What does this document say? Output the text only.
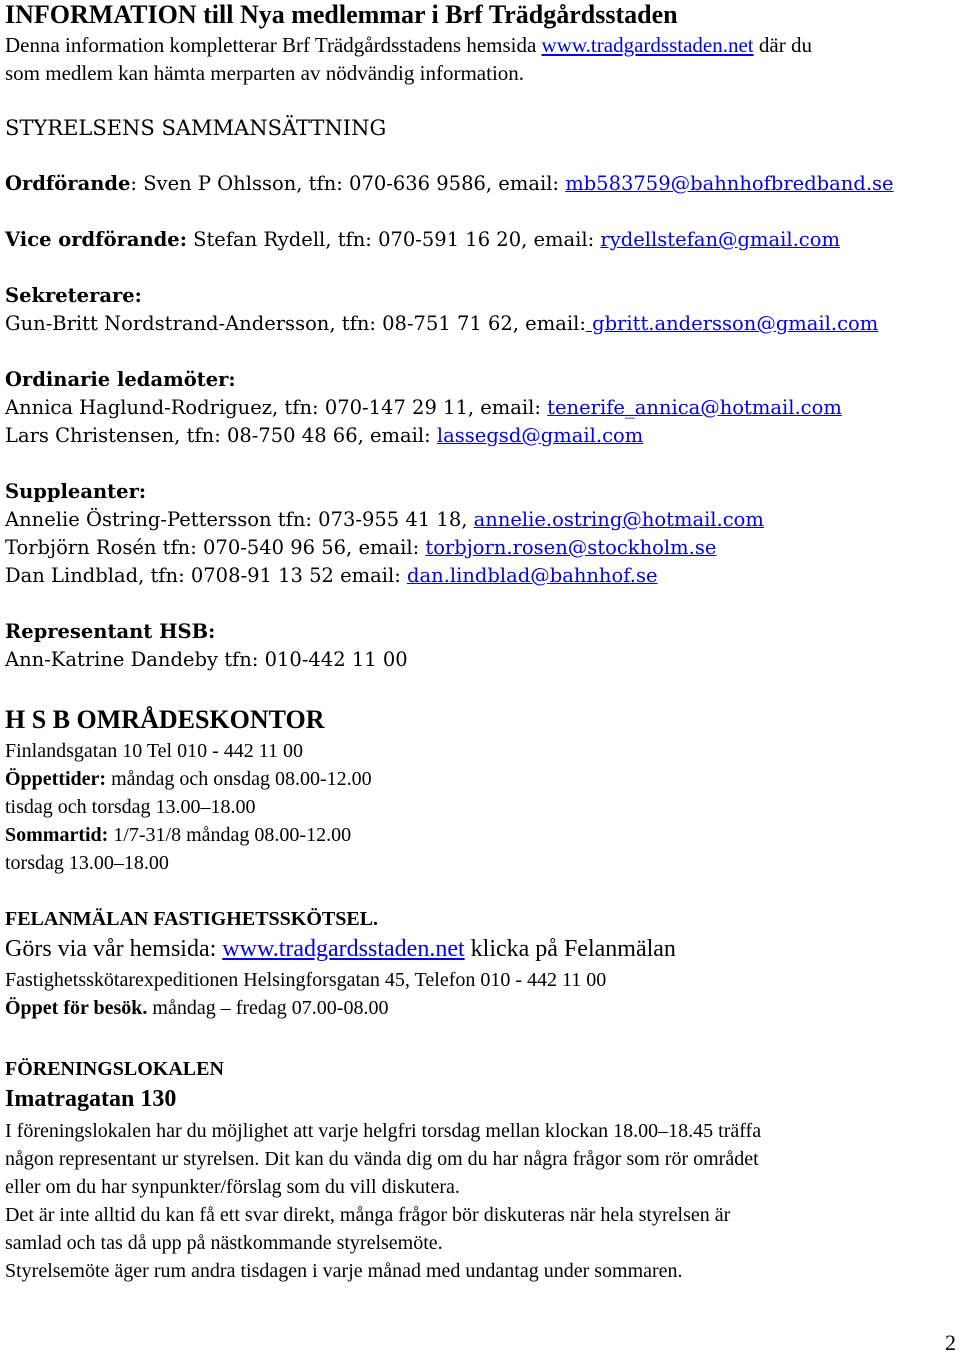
INFORMATION till Nya medlemmar i Brf Trädgårdsstaden
Denna information kompletterar Brf Trädgårdsstadens hemsida www.tradgardsstaden.net där du
som medlem kan hämta merparten av nödvändig information.
STYRELSENS SAMMANSÄTTNING
Ordförande: Sven P Ohlsson, tfn: 070-636 9586, email: mb583759@bahnhofbredband.se
Vice ordförande: Stefan Rydell, tfn: 070-591 16 20, email: rydellstefan@gmail.com
Sekreterare:
Gun-Britt Nordstrand-Andersson, tfn: 08-751 71 62, email: gbritt.andersson@gmail.com
Ordinarie ledamöter:
Annica Haglund-Rodriguez, tfn: 070-147 29 11, email: tenerife_annica@hotmail.com
Lars Christensen, tfn: 08-750 48 66, email: lassegsd@gmail.com
Suppleanter:
Annelie Östring-Pettersson tfn: 073-955 41 18, annelie.ostring@hotmail.com
Torbjörn Rosén tfn: 070-540 96 56, email: torbjorn.rosen@stockholm.se
Dan Lindblad, tfn: 0708-91 13 52 email: dan.lindblad@bahnhof.se
Representant HSB:
Ann-Katrine Dandeby tfn: 010-442 11 00
H S B OMRÅDESKONTOR
Finlandsgatan 10 Tel 010 - 442 11 00
Öppettider: måndag och onsdag 08.00-12.00
tisdag och torsdag 13.00–18.00
Sommartid: 1/7-31/8 måndag 08.00-12.00
torsdag 13.00–18.00
FELANMÄLAN FASTIGHETSSKÖTSEL.
Görs via vår hemsida: www.tradgardsstaden.net klicka på Felanmälan
Fastighetsskötarexpeditionen Helsingforsgatan 45, Telefon 010 - 442 11 00
Öppet för besök. måndag – fredag 07.00-08.00
FÖRENINGSLOKALEN
Imatragatan 130
I föreningslokalen har du möjlighet att varje helgfri torsdag mellan klockan 18.00–18.45 träffa
någon representant ur styrelsen. Dit kan du vända dig om du har några frågor som rör området
eller om du har synpunkter/förslag som du vill diskutera.
Det är inte alltid du kan få ett svar direkt, många frågor bör diskuteras när hela styrelsen är
samlad och tas då upp på nästkommande styrelsemöte.
Styrelsemöte äger rum andra tisdagen i varje månad med undantag under sommaren.
2
